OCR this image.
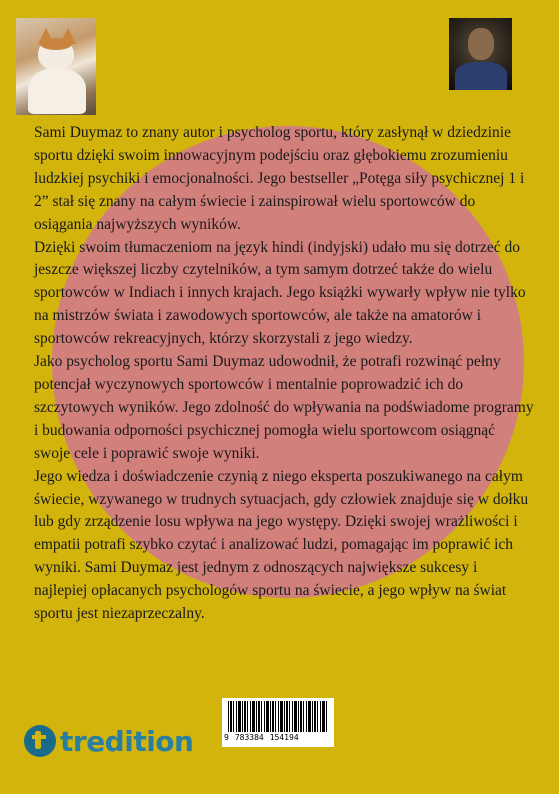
Sami Duymaz to znany autor i psycholog sportu, który zasłynął w dziedzinie sportu dzięki swoim innowacyjnym podejściu oraz głębokiemu zrozumieniu ludzkiej psychiki i emocjonalności. Jego bestseller „Potęga siły psychicznej 1 i 2” stał się znany na całym świecie i zainspirował wielu sportowców do osiągania najwyższych wyników.

Dzięki swoim tłumaczeniom na język hindi (indyjski) udało mu się dotrzeć do jeszcze większej liczby czytelników, a tym samym dotrzeć także do wielu sportowców w Indiach i innych krajach. Jego książki wywarły wpływ nie tylko na mistrzów świata i zawodowych sportowców, ale także na amatorów i sportowców rekreacyjnych, którzy skorzystali z jego wiedzy.

Jako psycholog sportu Sami Duymaz udowodnił, że potrafi rozwinąć pełny potencjał wyczynowych sportowców i mentalnie poprowadzić ich do szczytowych wyników. Jego zdolność do wpływania na podświadome programy i budowania odporności psychicznej pomogła wielu sportowcom osiągnąć swoje cele i poprawić swoje wyniki.

Jego wiedza i doświadczenie czynią z niego eksperta poszukiwanego na całym świecie, wzywanego w trudnych sytuacjach, gdy człowiek znajduje się w dołku lub gdy zrządzenie losu wpływa na jego występy. Dzięki swojej wrażliwości i empatii potrafi szybko czytać i analizować ludzi, pomagając im poprawić ich wyniki. Sami Duymaz jest jednym z odnoszących największe sukcesy i najlepiej opłacanych psychologów sportu na świecie, a jego wpływ na świat sportu jest niezaprzeczalny.

tredition	9 783384 154194
